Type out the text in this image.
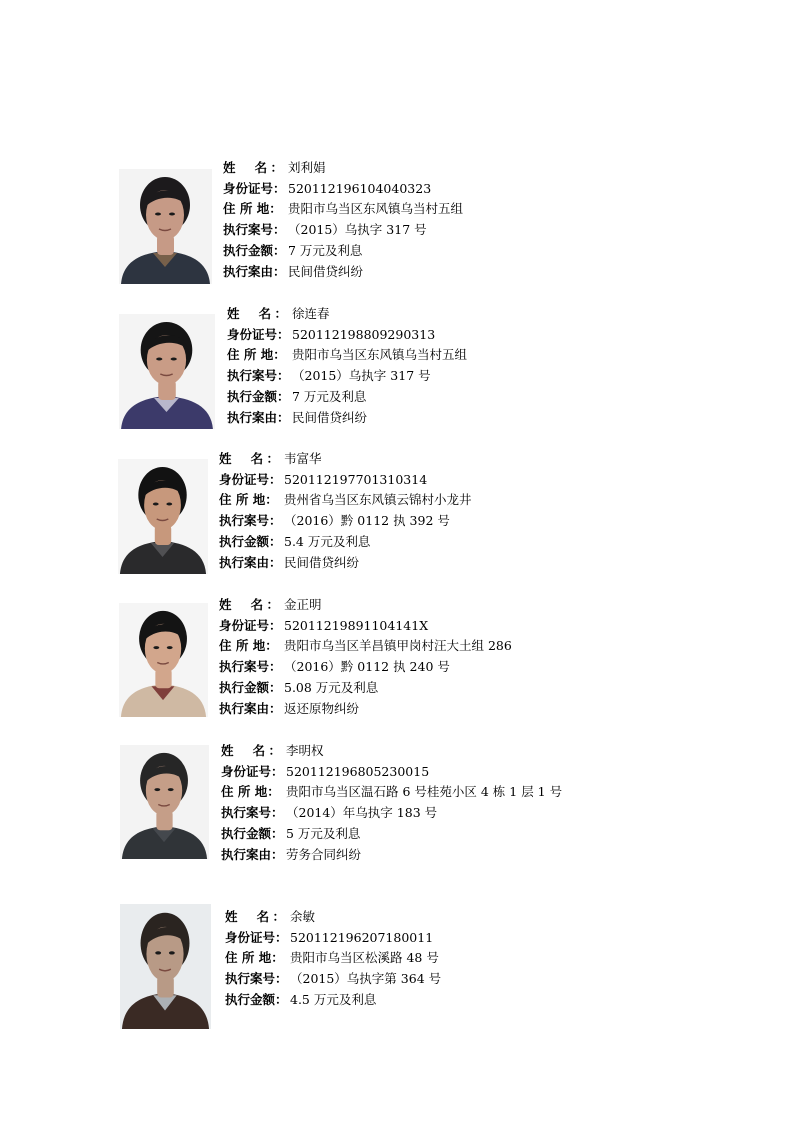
姓　名： 刘利娟
身份证号： 520112196104040323
住 所 地： 贵阳市乌当区东风镇乌当村五组
执行案号： （2015）乌执字 317 号
执行金额： 7 万元及利息
执行案由： 民间借贷纠纷
姓　名： 徐连春
身份证号： 520112198809290313
住 所 地： 贵阳市乌当区东风镇乌当村五组
执行案号： （2015）乌执字 317 号
执行金额： 7 万元及利息
执行案由： 民间借贷纠纷
姓　名： 韦富华
身份证号： 520112197701310314
住 所 地： 贵州省乌当区东风镇云锦村小龙井
执行案号： （2016）黔 0112 执 392 号
执行金额： 5.4 万元及利息
执行案由： 民间借贷纠纷
姓　名： 金正明
身份证号： 52011219891104141X
住 所 地： 贵阳市乌当区羊昌镇甲岗村汪大土组 286
执行案号： （2016）黔 0112 执 240 号
执行金额： 5.08 万元及利息
执行案由： 返还原物纠纷
姓　名： 李明权
身份证号： 520112196805230015
住 所 地： 贵阳市乌当区温石路 6 号桂苑小区 4 栋 1 层 1 号
执行案号： （2014）年乌执字 183 号
执行金额： 5 万元及利息
执行案由： 劳务合同纠纷
姓　名： 余敏
身份证号： 520112196207180011
住 所 地： 贵阳市乌当区松溪路 48 号
执行案号： （2015）乌执字第 364 号
执行金额： 4.5 万元及利息
